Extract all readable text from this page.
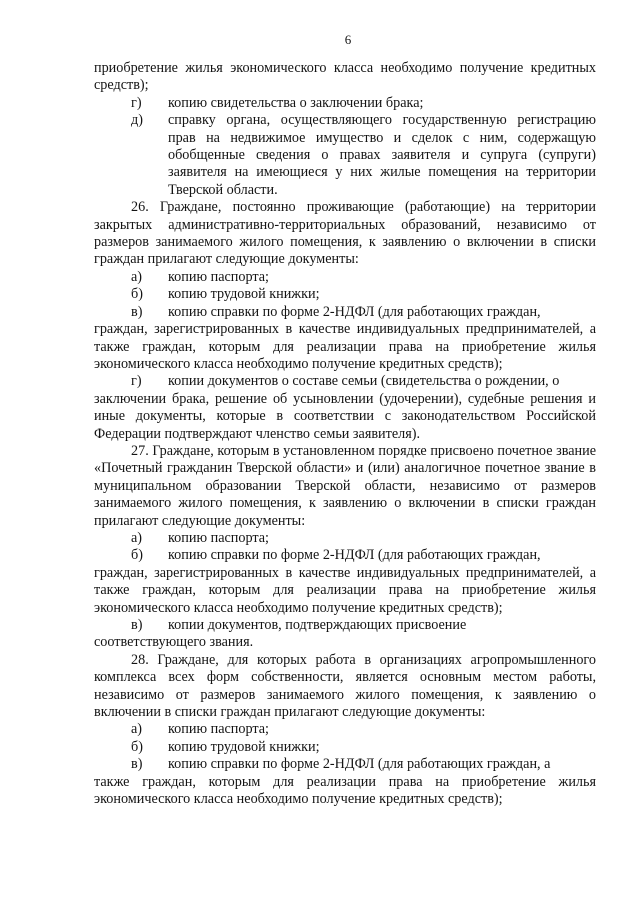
6

приобретение жилья экономического класса необходимо получение кредитных средств);

г)	копию свидетельства о заключении брака;
д)	справку органа, осуществляющего государственную регистрацию прав на недвижимое имущество и сделок с ним, содержащую обобщенные сведения о правах заявителя и супруга (супруги) заявителя на имеющиеся у них жилые помещения на территории Тверской области.

26. Граждане, постоянно проживающие (работающие) на территории закрытых административно-территориальных образований, независимо от размеров занимаемого жилого помещения, к заявлению о включении в списки граждан прилагают следующие документы:

а)	копию паспорта;
б)	копию трудовой книжки;
в)	копию справки по форме 2-НДФЛ (для работающих граждан,

граждан, зарегистрированных в качестве индивидуальных предпринимателей, а также граждан, которым для реализации права на приобретение жилья экономического класса необходимо получение кредитных средств);

г)	копии документов о составе семьи (свидетельства о рождении, о

заключении брака, решение об усыновлении (удочерении), судебные решения и иные документы, которые в соответствии с законодательством Российской Федерации подтверждают членство семьи заявителя).

27. Граждане, которым в установленном порядке присвоено почетное звание «Почетный гражданин Тверской области» и (или) аналогичное почетное звание в муниципальном образовании Тверской области, независимо от размеров занимаемого жилого помещения, к заявлению о включении в списки граждан прилагают следующие документы:

а)	копию паспорта;
б)	копию справки по форме 2-НДФЛ (для работающих граждан,

граждан, зарегистрированных в качестве индивидуальных предпринимателей, а также граждан, которым для реализации права на приобретение жилья экономического класса необходимо получение кредитных средств);

в)	копии документов, подтверждающих присвоение

соответствующего звания.

28. Граждане, для которых работа в организациях агропромышленного комплекса всех форм собственности, является основным местом работы, независимо от размеров занимаемого жилого помещения, к заявлению о включении в списки граждан прилагают следующие документы:

а)	копию паспорта;
б)	копию трудовой книжки;
в)	копию справки по форме 2-НДФЛ (для работающих граждан, а

также граждан, которым для реализации права на приобретение жилья экономического класса необходимо получение кредитных средств);
